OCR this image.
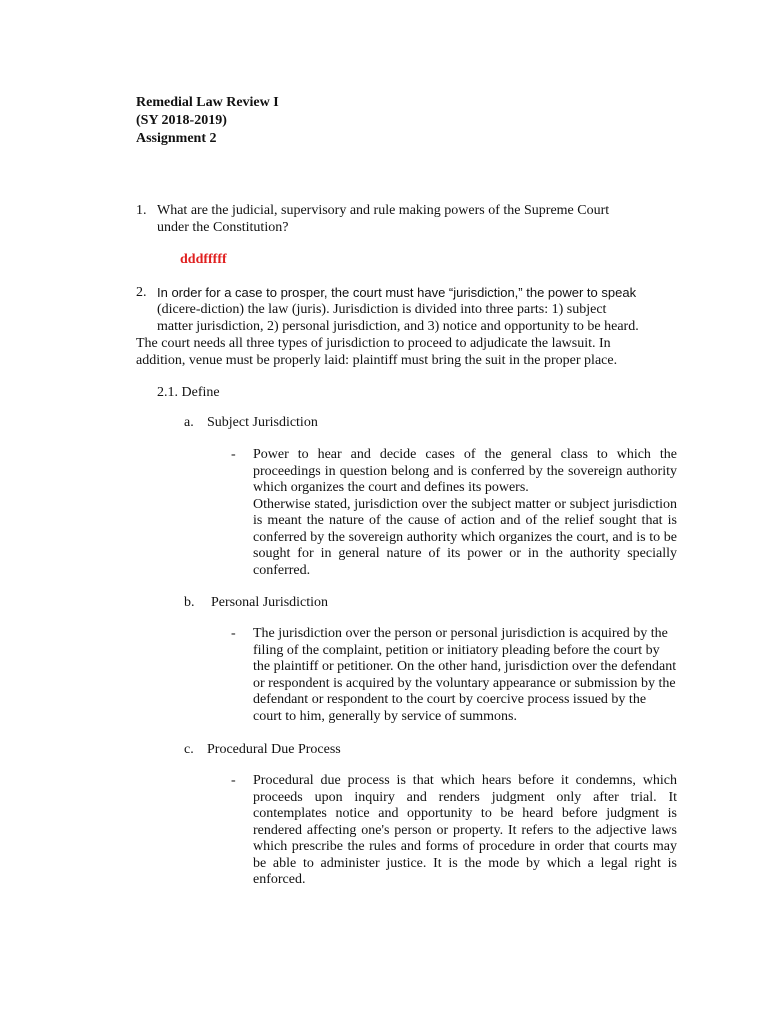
Remedial Law Review I
(SY 2018-2019)
Assignment 2
1. What are the judicial, supervisory and rule making powers of the Supreme Court
under the Constitution?
dddfffff
2. In order for a case to prosper, the court must have “jurisdiction,” the power to speak
(dicere-diction) the law (juris). Jurisdiction is divided into three parts: 1) subject
matter jurisdiction, 2) personal jurisdiction, and 3) notice and opportunity to be heard.
The court needs all three types of jurisdiction to proceed to adjudicate the lawsuit. In
addition, venue must be properly laid: plaintiff must bring the suit in the proper place.
2.1. Define
a. Subject Jurisdiction
- Power to hear and decide cases of the general class to which the proceedings in question belong and is conferred by the sovereign authority which organizes the court and defines its powers.

Otherwise stated, jurisdiction over the subject matter or subject jurisdiction is meant the nature of the cause of action and of the relief sought that is conferred by the sovereign authority which organizes the court, and is to be sought for in general nature of its power or in the authority specially conferred.

b. Personal Jurisdiction
- The jurisdiction over the person or personal jurisdiction is acquired by the filing of the complaint, petition or initiatory pleading before the court by the plaintiff or petitioner. On the other hand, jurisdiction over the defendant or respondent is acquired by the voluntary appearance or submission by the defendant or respondent to the court by coercive process issued by the court to him, generally by service of summons.

c. Procedural Due Process
- Procedural due process is that which hears before it condemns, which proceeds upon inquiry and renders judgment only after trial. It contemplates notice and opportunity to be heard before judgment is rendered affecting one's person or property. It refers to the adjective laws which prescribe the rules and forms of procedure in order that courts may be able to administer justice. It is the mode by which a legal right is enforced.
